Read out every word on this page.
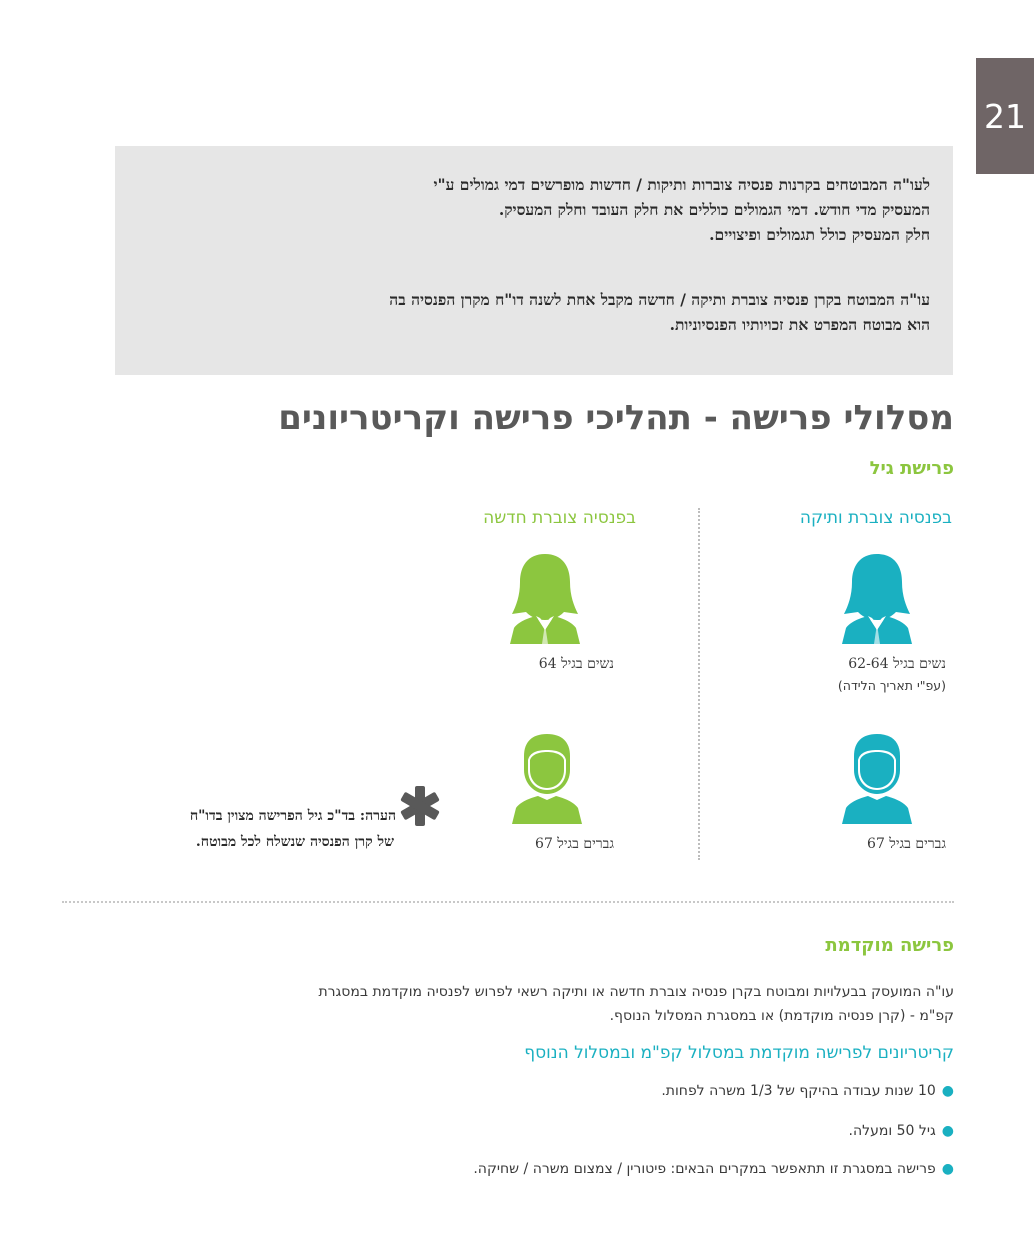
21
לעו"ה המבוטחים בקרנות פנסיה צוברות ותיקות / חדשות מופרשים דמי גמולים ע"י
המעסיק מדי חודש. דמי הגמולים כוללים את חלק העובד וחלק המעסיק.
חלק המעסיק כולל תגמולים ופיצויים.
עו"ה המבוטח בקרן פנסיה צוברת ותיקה / חדשה מקבל אחת לשנה דו"ח מקרן הפנסיה בה
הוא מבוטח המפרט את זכויותיו הפנסיוניות.
מסלולי פרישה - תהליכי פרישה וקריטריונים
פרישת גיל
בפנסיה צוברת ותיקה
בפנסיה צוברת חדשה
נשים בגיל 62-64
(עפ"י תאריך הלידה)
נשים בגיל 64
גברים בגיל 67
גברים בגיל 67
הערה: בד"כ גיל הפרישה מצוין בדו"ח
של קרן הפנסיה שנשלח לכל מבוטח.
פרישה מוקדמת
עו"ה המועסק בבעלויות ומבוטח בקרן פנסיה צוברת חדשה או ותיקה רשאי לפרוש לפנסיה מוקדמת במסגרת
קפ"מ - (קרן פנסיה מוקדמת) או במסגרת המסלול הנוסף.
קריטריונים לפרישה מוקדמת במסלול קפ"מ ובמסלול הנוסף
●10 שנות עבודה בהיקף של 1/3 משרה לפחות.
●גיל 50 ומעלה.
●פרישה במסגרת זו תתאפשר במקרים הבאים: פיטורין / צמצום משרה / שחיקה.
